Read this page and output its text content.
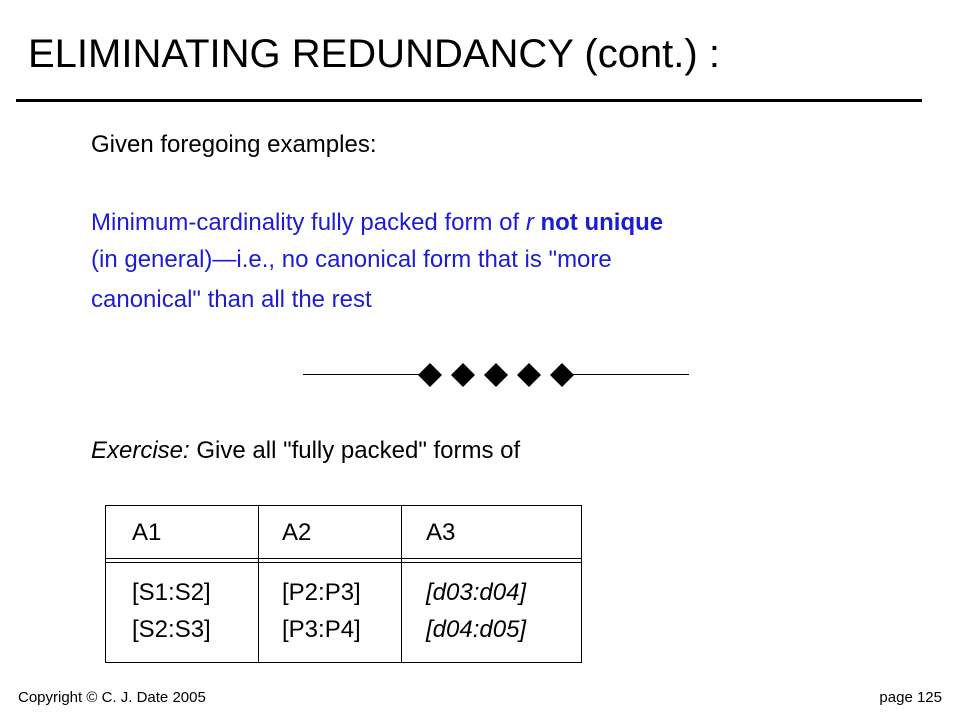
ELIMINATING REDUNDANCY (cont.) :
Given foregoing examples:
Minimum-cardinality fully packed form of r not unique
(in general)—i.e., no canonical form that is "more
canonical" than all the rest
Exercise: Give all "fully packed" forms of
A1	A2	A3
[S1:S2]	[P2:P3]	[d03:d04]
[S2:S3]	[P3:P4]	[d04:d05]
Copyright © C. J. Date 2005	page 125
